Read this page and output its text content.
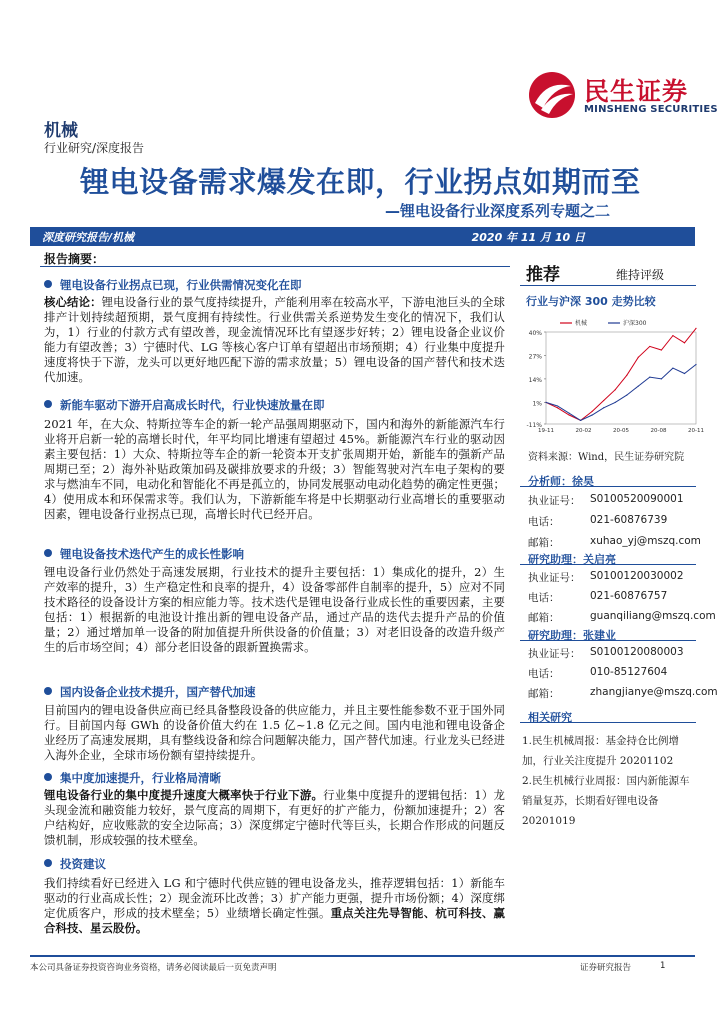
民生证券
MINSHENG SECURITIES
机械
行业研究/深度报告
锂电设备需求爆发在即，行业拐点如期而至
—锂电设备行业深度系列专题之二
深度研究报告/机械	2020 年 11 月 10 日
报告摘要：
锂电设备行业拐点已现，行业供需情况变化在即
核心结论：锂电设备行业的景气度持续提升，产能利用率在较高水平，下游电池巨头的全球排产计划持续超预期，景气度拥有持续性。行业供需关系逆势发生变化的情况下，我们认为，1）行业的付款方式有望改善，现金流情况环比有望逐步好转；2）锂电设备企业议价能力有望改善；3）宁德时代、LG 等核心客户订单有望超出市场预期；4）行业集中度提升速度将快于下游，龙头可以更好地匹配下游的需求放量；5）锂电设备的国产替代和技术迭代加速。
新能车驱动下游开启高成长时代，行业快速放量在即
2021 年，在大众、特斯拉等车企的新一轮产品强周期驱动下，国内和海外的新能源汽车行业将开启新一轮的高增长时代，年平均同比增速有望超过 45%。新能源汽车行业的驱动因素主要包括：1）大众、特斯拉等车企的新一轮资本开支扩张周期开始，新能车的强新产品周期已至；2）海外补贴政策加码及碳排放要求的升级；3）智能驾驶对汽车电子架构的要求与燃油车不同，电动化和智能化不再是孤立的，协同发展驱动电动化趋势的确定性更强；4）使用成本和环保需求等。我们认为，下游新能车将是中长期驱动行业高增长的重要驱动因素，锂电设备行业拐点已现，高增长时代已经开启。
锂电设备技术迭代产生的成长性影响
锂电设备行业仍然处于高速发展期，行业技术的提升主要包括：1）集成化的提升，2）生产效率的提升，3）生产稳定性和良率的提升，4）设备零部件自制率的提升，5）应对不同技术路径的设备设计方案的相应能力等。技术迭代是锂电设备行业成长性的重要因素，主要包括：1）根据新的电池设计推出新的锂电设备产品，通过产品的迭代去提升产品的价值量；2）通过增加单一设备的附加值提升所供设备的价值量；3）对老旧设备的改造升级产生的后市场空间；4）部分老旧设备的跟新置换需求。
国内设备企业技术提升，国产替代加速
目前国内的锂电设备供应商已经具备整段设备的供应能力，并且主要性能参数不亚于国外同行。目前国内每 GWh 的设备价值大约在 1.5 亿~1.8 亿元之间。国内电池和锂电设备企业经历了高速发展期，具有整线设备和综合问题解决能力，国产替代加速。行业龙头已经进入海外企业，全球市场份额有望持续提升。
集中度加速提升，行业格局清晰
锂电设备行业的集中度提升速度大概率快于行业下游。行业集中度提升的逻辑包括：1）龙头现金流和融资能力较好，景气度高的周期下，有更好的扩产能力，份额加速提升；2）客户结构好，应收账款的安全边际高；3）深度绑定宁德时代等巨头，长期合作形成的问题反馈机制，形成较强的技术壁垒。
投资建议
我们持续看好已经进入 LG 和宁德时代供应链的锂电设备龙头，推荐逻辑包括：1）新能车驱动的行业高成长性；2）现金流环比改善；3）扩产能力更强，提升市场份额；4）深度绑定优质客户，形成的技术壁垒；5）业绩增长确定性强。重点关注先导智能、杭可科技、赢合科技、星云股份。
推荐	维持评级
行业与沪深 300 走势比较
40%
27%
14%
1%
-11%
19-11	20-02	20-05	20-08	20-11
机械	沪深300
资料来源：Wind，民生证券研究院
分析师：徐昊
执业证号： S0100520090001
电话：	021-60876739
邮箱：	xuhao_yj@mszq.com
研究助理：关启亮
执业证号： S0100120030002
电话：	021-60876757
邮箱：	guanqiliang@mszq.com
研究助理：张建业
执业证号： S0100120080003
电话：	010-85127604
邮箱：	zhangjianye@mszq.com
相关研究
1.民生机械周报：基金持仓比例增加，行业关注度提升 20201102
2.民生机械行业周报：国内新能源车销量复苏，长期看好锂电设备 20201019
本公司具备证券投资咨询业务资格，请务必阅读最后一页免责声明	证券研究报告	1
